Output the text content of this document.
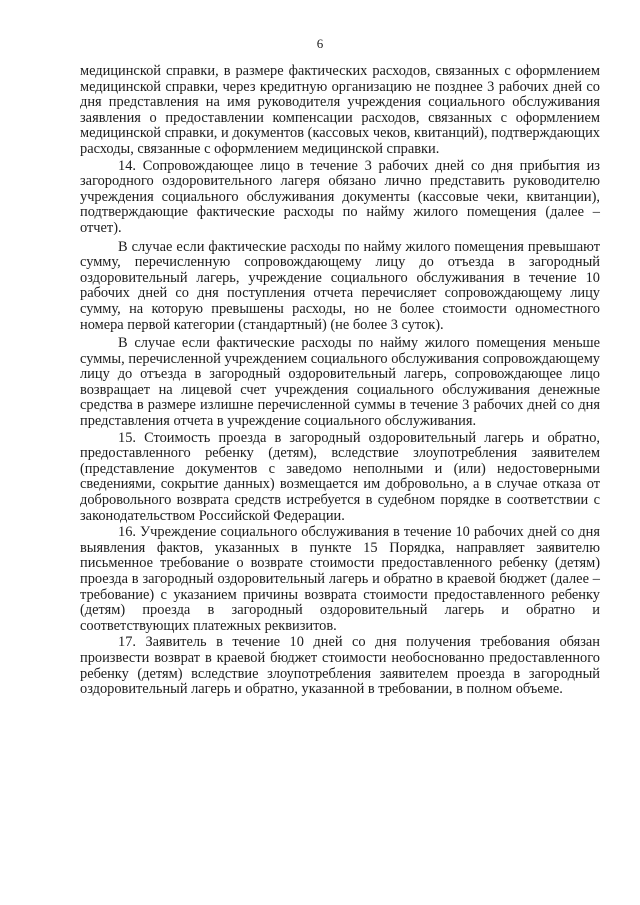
6

медицинской справки, в размере фактических расходов, связанных с оформлением медицинской справки, через кредитную организацию не позднее 3 рабочих дней со дня представления на имя руководителя учреждения социального обслуживания заявления о предоставлении компенсации расходов, связанных с оформлением медицинской справки, и документов (кассовых чеков, квитанций), подтверждающих расходы, связанные с оформлением медицинской справки.

14. Сопровождающее лицо в течение 3 рабочих дней со дня прибытия из загородного оздоровительного лагеря обязано лично представить руководителю учреждения социального обслуживания документы (кассовые чеки, квитанции), подтверждающие фактические расходы по найму жилого помещения (далее – отчет).

В случае если фактические расходы по найму жилого помещения превышают сумму, перечисленную сопровождающему лицу до отъезда в загородный оздоровительный лагерь, учреждение социального обслуживания в течение 10 рабочих дней со дня поступления отчета перечисляет сопровождающему лицу сумму, на которую превышены расходы, но не более стоимости одноместного номера первой категории (стандартный) (не более 3 суток).

В случае если фактические расходы по найму жилого помещения меньше суммы, перечисленной учреждением социального обслуживания сопровождающему лицу до отъезда в загородный оздоровительный лагерь, сопровождающее лицо возвращает на лицевой счет учреждения социального обслуживания денежные средства в размере излишне перечисленной суммы в течение 3 рабочих дней со дня представления отчета в учреждение социального обслуживания.

15. Стоимость проезда в загородный оздоровительный лагерь и обратно, предоставленного ребенку (детям), вследствие злоупотребления заявителем (представление документов с заведомо неполными и (или) недостоверными сведениями, сокрытие данных) возмещается им добровольно, а в случае отказа от добровольного возврата средств истребуется в судебном порядке в соответствии с законодательством Российской Федерации.

16. Учреждение социального обслуживания в течение 10 рабочих дней со дня выявления фактов, указанных в пункте 15 Порядка, направляет заявителю письменное требование о возврате стоимости предоставленного ребенку (детям) проезда в загородный оздоровительный лагерь и обратно в краевой бюджет (далее – требование) с указанием причины возврата стоимости предоставленного ребенку (детям) проезда в загородный оздоровительный лагерь и обратно и соответствующих платежных реквизитов.

17. Заявитель в течение 10 дней со дня получения требования обязан произвести возврат в краевой бюджет стоимости необоснованно предоставленного ребенку (детям) вследствие злоупотребления заявителем проезда в загородный оздоровительный лагерь и обратно, указанной в требовании, в полном объеме.
